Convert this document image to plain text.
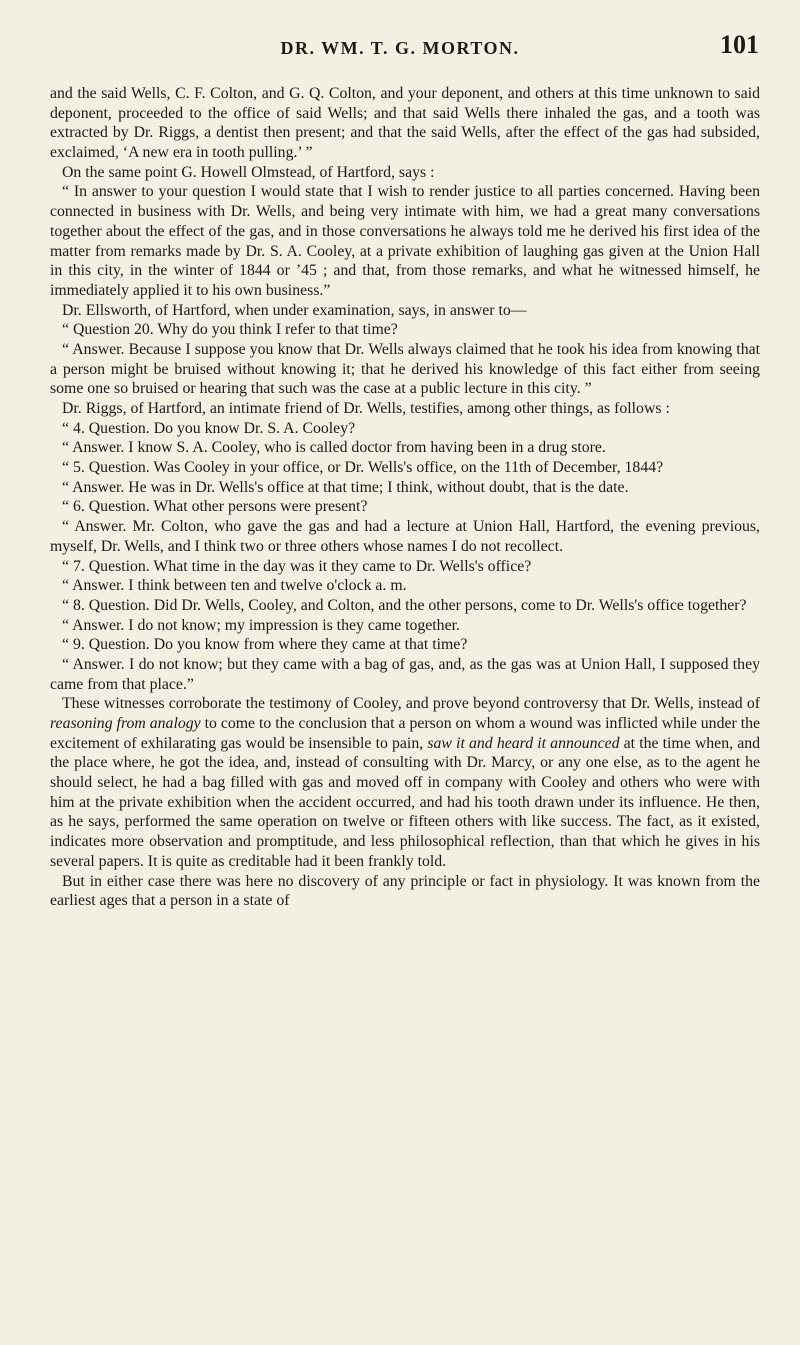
DR. WM. T. G. MORTON.	101

and the said Wells, C. F. Colton, and G. Q. Colton, and your deponent, and others at this time unknown to said deponent, proceeded to the office of said Wells; and that said Wells there inhaled the gas, and a tooth was extracted by Dr. Riggs, a dentist then present; and that the said Wells, after the effect of the gas had subsided, exclaimed, ‘A new era in tooth pulling.’ ”

On the same point G. Howell Olmstead, of Hartford, says :

“ In answer to your question I would state that I wish to render justice to all parties concerned. Having been connected in business with Dr. Wells, and being very intimate with him, we had a great many conversations together about the effect of the gas, and in those conversations he always told me he derived his first idea of the matter from remarks made by Dr. S. A. Cooley, at a private exhibition of laughing gas given at the Union Hall in this city, in the winter of 1844 or ’45 ; and that, from those remarks, and what he witnessed himself, he immediately applied it to his own business.”

Dr. Ellsworth, of Hartford, when under examination, says, in answer to—

“ Question 20. Why do you think I refer to that time?

“ Answer. Because I suppose you know that Dr. Wells always claimed that he took his idea from knowing that a person might be bruised without knowing it; that he derived his knowledge of this fact either from seeing some one so bruised or hearing that such was the case at a public lecture in this city. ”

Dr. Riggs, of Hartford, an intimate friend of Dr. Wells, testifies, among other things, as follows :

“ 4. Question. Do you know Dr. S. A. Cooley?

“ Answer. I know S. A. Cooley, who is called doctor from having been in a drug store.

“ 5. Question. Was Cooley in your office, or Dr. Wells's office, on the 11th of December, 1844?

“ Answer. He was in Dr. Wells's office at that time; I think, without doubt, that is the date.

“ 6. Question. What other persons were present?

“ Answer. Mr. Colton, who gave the gas and had a lecture at Union Hall, Hartford, the evening previous, myself, Dr. Wells, and I think two or three others whose names I do not recollect.

“ 7. Question. What time in the day was it they came to Dr. Wells's office?

“ Answer. I think between ten and twelve o'clock a. m.

“ 8. Question. Did Dr. Wells, Cooley, and Colton, and the other persons, come to Dr. Wells's office together?

“ Answer. I do not know; my impression is they came together.

“ 9. Question. Do you know from where they came at that time?

“ Answer. I do not know; but they came with a bag of gas, and, as the gas was at Union Hall, I supposed they came from that place.”

These witnesses corroborate the testimony of Cooley, and prove beyond controversy that Dr. Wells, instead of reasoning from analogy to come to the conclusion that a person on whom a wound was inflicted while under the excitement of exhilarating gas would be insensible to pain, saw it and heard it announced at the time when, and the place where, he got the idea, and, instead of consulting with Dr. Marcy, or any one else, as to the agent he should select, he had a bag filled with gas and moved off in company with Cooley and others who were with him at the private exhibition when the accident occurred, and had his tooth drawn under its influence. He then, as he says, performed the same operation on twelve or fifteen others with like success. The fact, as it existed, indicates more observation and promptitude, and less philosophical reflection, than that which he gives in his several papers. It is quite as creditable had it been frankly told.

But in either case there was here no discovery of any principle or fact in physiology. It was known from the earliest ages that a person in a state of
